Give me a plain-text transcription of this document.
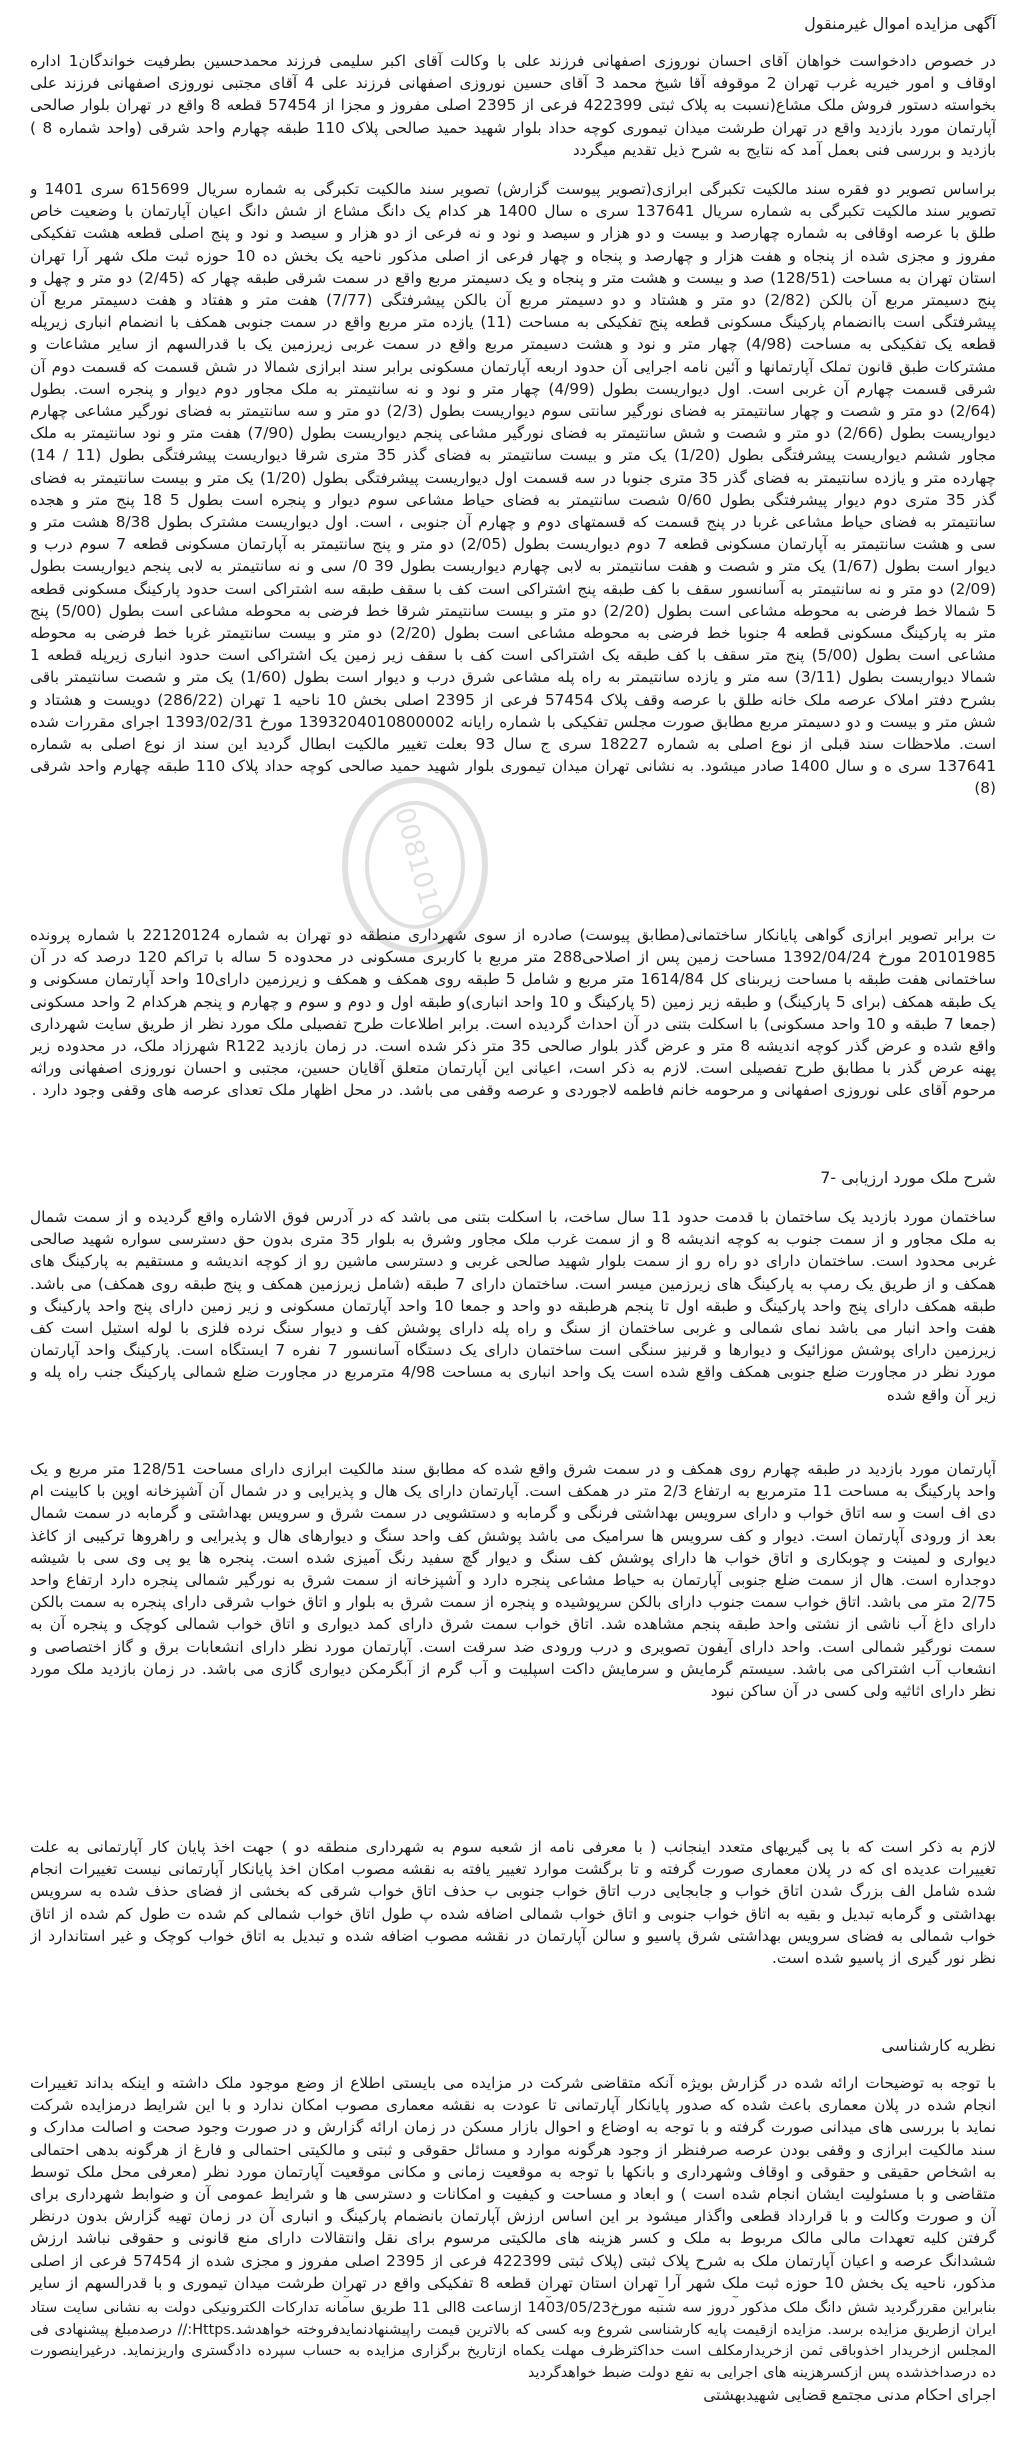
آگهی مزایده اموال غیرمنقول
در خصوص دادخواست خواهان آقای احسان نوروزی اصفهانی فرزند علی با وکالت آقای اکبر سلیمی فرزند محمدحسین بطرفیت خواندگان1 اداره اوقاف و امور خیریه غرب تهران 2 موقوفه آقا شیخ محمد 3 آقای حسین نوروزی اصفهانی فرزند علی 4 آقای مجتبی نوروزی اصفهانی فرزند علی بخواسته دستور فروش ملک مشاع(نسبت به پلاک ثبتی 422399 فرعی از 2395 اصلی مفروز و مجزا از 57454 قطعه 8 واقع در تهران بلوار صالحی
آپارتمان مورد بازدید واقع در تهران طرشت میدان تیموری کوچه حداد بلوار شهید حمید صالحی پلاک 110 طبقه چهارم واحد شرقی (واحد شماره 8 ) بازدید و بررسی فنی بعمل آمد که نتایج به شرح ذیل تقدیم میگردد
براساس تصویر دو فقره سند مالکیت تکبرگی ابرازی(تصویر پیوست گزارش) تصویر سند مالکیت تکبرگی به شماره سریال 615699 سری 1401 و تصویر سند مالکیت تکبرگی به شماره سریال 137641 سری ه سال 1400 هر کدام یک دانگ مشاع از شش دانگ اعیان آپارتمان با وضعیت خاص طلق با عرصه اوقافی به شماره چهارصد و بیست و دو هزار و سیصد و نود و نه فرعی از دو هزار و سیصد و نود و پنج اصلی قطعه هشت تفکیکی مفروز و مجزی شده از پنجاه و هفت هزار و چهارصد و پنجاه و چهار فرعی از اصلی مذکور ناحیه یک بخش ده 10 حوزه ثبت ملک شهر آرا تهران استان تهران به مساحت (128/51) صد و بیست و هشت متر و پنجاه و یک دسیمتر مربع واقع در سمت شرقی طبقه چهار که (2/45) دو متر و چهل و پنج دسیمتر مربع آن بالکن (2/82) دو متر و هشتاد و دو دسیمتر مربع آن بالکن پیشرفتگی (7/77) هفت متر و هفتاد و هفت دسیمتر مربع آن پیشرفتگی است باانضمام پارکینگ مسکونی قطعه پنج تفکیکی به مساحت (11) یازده متر مربع واقع در سمت جنوبی همکف با انضمام انباری زیرپله قطعه یک تفکیکی به مساحت (4/98) چهار متر و نود و هشت دسیمتر مربع واقع در سمت غربی زیرزمین یک با قدرالسهم از سایر مشاعات و مشترکات طبق قانون تملک آپارتمانها و آئین نامه اجرایی آن حدود اربعه آپارتمان مسکونی برابر سند ابرازی شمالا در شش قسمت که قسمت دوم آن شرقی قسمت چهارم آن غربی است. اول دیواریست بطول (4/99) چهار متر و نود و نه سانتیمتر به ملک مجاور دوم دیوار و پنجره است. بطول (2/64) دو متر و شصت و چهار سانتیمتر به فضای نورگیر سانتی سوم دیواریست بطول (2/3) دو متر و سه سانتیمتر به فضای نورگیر مشاعی چهارم دیواریست بطول (2/66) دو متر و شصت و شش سانتیمتر به فضای نورگیر مشاعی پنجم دیواریست بطول (7/90) هفت متر و نود سانتیمتر به ملک مجاور ششم دیواریست پیشرفتگی بطول (1/20) یک متر و بیست سانتیمتر به فضای گذر 35 متری شرقا دیواریست پیشرفتگی بطول (11 / 14) چهارده متر و یازده سانتیمتر به فضای گذر 35 متری جنوبا در سه قسمت اول دیواریست پیشرفتگی بطول (1/20) یک متر و بیست سانتیمتر به فضای گذر 35 متری دوم دیوار پیشرفتگی بطول 0/60 شصت سانتیمتر به فضای حیاط مشاعی سوم دیوار و پنجره است بطول 5 18 پنج متر و هجده سانتیمتر به فضای حیاط مشاعی غربا در پنج قسمت که قسمتهای دوم و چهارم آن جنوبی ، است. اول دیواریست مشترک بطول 8/38 هشت متر و سی و هشت سانتیمتر به آپارتمان مسکونی قطعه 7 دوم دیواریست بطول (2/05) دو متر و پنج سانتیمتر به آپارتمان مسکونی قطعه 7 سوم درب و دیوار است بطول (1/67) یک متر و شصت و هفت سانتیمتر به لابی چهارم دیواریست بطول 39 0/ سی و نه سانتیمتر به لابی پنجم دیواریست بطول (2/09) دو متر و نه سانتیمتر به آسانسور سقف با کف طبقه پنج اشتراکی است کف با سقف طبقه سه اشتراکی است حدود پارکینگ مسکونی قطعه 5 شمالا خط فرضی به محوطه مشاعی است بطول (2/20) دو متر و بیست سانتیمتر شرقا خط فرضی به محوطه مشاعی است بطول (5/00) پنج متر به پارکینگ مسکونی قطعه 4 جنوبا خط فرضی به محوطه مشاعی است بطول (2/20) دو متر و بیست سانتیمتر غربا خط فرضی به محوطه مشاعی است بطول (5/00) پنج متر سقف با کف طبقه یک اشتراکی است کف با سقف زیر زمین یک اشتراکی است حدود انباری زیرپله قطعه 1 شمالا دیواریست بطول (3/11) سه متر و یازده سانتیمتر به راه پله مشاعی شرق درب و دیوار است بطول (1/60) یک متر و شصت سانتیمتر باقی بشرح دفتر املاک عرصه ملک خانه طلق با عرصه وقف پلاک 57454 فرعی از 2395 اصلی بخش 10 ناحیه 1 تهران (286/22) دویست و هشتاد و شش متر و بیست و دو دسیمتر مربع مطابق صورت مجلس تفکیکی با شماره رایانه 1393204010800002 مورخ 1393/02/31 اجرای مقررات شده است. ملاحظات سند قبلی از نوع اصلی به شماره 18227 سری ج سال 93 بعلت تغییر مالکیت ابطال گردید این سند از نوع اصلی به شماره 137641 سری ه و سال 1400 صادر میشود. به نشانی تهران میدان تیموری بلوار شهید حمید صالحی کوچه حداد پلاک 110 طبقه چهارم واحد شرقی (8)
ت برابر تصویر ابرازی گواهی پایانکار ساختمانی(مطابق پیوست) صادره از سوی شهرداری منطقه دو تهران به شماره 22120124 با شماره پرونده 20101985 مورخ 1392/04/24 مساحت زمین پس از اصلاحی288 متر مربع با کاربری مسکونی در محدوده 5 ساله با تراکم 120 درصد که در آن ساختمانی هفت طبقه با مساحت زیربنای کل 1614/84 متر مربع و شامل 5 طبقه روی همکف و همکف و زیرزمین دارای10 واحد آپارتمان مسکونی و یک طبقه همکف (برای 5 پارکینگ) و طبقه زیر زمین (5 پارکینگ و 10 واحد انباری)و طبقه اول و دوم و سوم و چهارم و پنجم هرکدام 2 واحد مسکونی (جمعا 7 طبقه و 10 واحد مسکونی) با اسکلت بتنی در آن احداث گردیده است. برابر اطلاعات طرح تفصیلی ملک مورد نظر از طریق سایت شهرداری واقع شده و عرض گذر کوچه اندیشه 8 متر و عرض گذر بلوار صالحی 35 متر ذکر شده است. در زمان بازدید R122 شهرزاد ملک، در محدوده زیر پهنه عرض گذر با مطابق طرح تفصیلی است. لازم به ذکر است، اعیانی این آپارتمان متعلق آقایان حسین، مجتبی و احسان نوروزی اصفهانی وراثه مرحوم آقای علی نوروزی اصفهانی و مرحومه خانم فاطمه لاجوردی و عرصه وقفی می باشد. در محل اظهار ملک تعدای عرصه های وقفی وجود دارد .
شرح ملک مورد ارزیابی -7
ساختمان مورد بازدید یک ساختمان با قدمت حدود 11 سال ساخت، با اسکلت بتنی می باشد که در آدرس فوق الاشاره واقع گردیده و از سمت شمال به ملک مجاور و از سمت جنوب به کوچه اندیشه 8 و از سمت غرب ملک مجاور وشرق به بلوار 35 متری بدون حق دسترسی سواره شهید صالحی غربی محدود است. ساختمان دارای دو راه رو از سمت بلوار شهید صالحی غربی و دسترسی ماشین رو از کوچه اندیشه و مستقیم به پارکینگ های همکف و از طریق یک رمپ به پارکینگ های زیرزمین میسر است. ساختمان دارای 7 طبقه (شامل زیرزمین همکف و پنج طبقه روی همکف) می باشد. طبقه همکف دارای پنج واحد پارکینگ و طبقه اول تا پنجم هرطبقه دو واحد و جمعا 10 واحد آپارتمان مسکونی و زیر زمین دارای پنج واحد پارکینگ و هفت واحد انبار می باشد نمای شمالی و غربی ساختمان از سنگ و راه پله دارای پوشش کف و دیوار سنگ نرده فلزی با لوله استیل است کف زیرزمین دارای پوشش موزائیک و دیوارها و قرنیز سنگی است ساختمان دارای یک دستگاه آسانسور 7 نفره 7 ایستگاه است. پارکینگ واحد آپارتمان مورد نظر در مجاورت ضلع جنوبی همکف واقع شده است یک واحد انباری به مساحت 4/98 مترمربع در مجاورت ضلع شمالی پارکینگ جنب راه پله و زیر آن واقع شده
آپارتمان مورد بازدید در طبقه چهارم روی همکف و در سمت شرق واقع شده که مطابق سند مالکیت ابرازی دارای مساحت 128/51 متر مربع و یک واحد پارکینگ به مساحت 11 مترمربع به ارتفاع 2/3 متر در همکف است. آپارتمان دارای یک هال و پذیرایی و در شمال آن آشپزخانه اوپن با کابینت ام دی اف است و سه اتاق خواب و دارای سرویس بهداشتی فرنگی و گرمابه و دستشویی در سمت شرق و سرویس بهداشتی و گرمابه در سمت شمال بعد از ورودی آپارتمان است. دیوار و کف سرویس ها سرامیک می باشد پوشش کف واحد سنگ و دیوارهای هال و پذیرایی و راهروها ترکیبی از کاغذ دیواری و لمینت و چوبکاری و اتاق خواب ها دارای پوشش کف سنگ و دیوار گچ سفید رنگ آمیزی شده است. پنجره ها یو پی وی سی با شیشه دوجداره است. هال از سمت ضلع جنوبی آپارتمان به حیاط مشاعی پنجره دارد و آشپزخانه از سمت شرق به نورگیر شمالی پنجره دارد ارتفاع واحد 2/75 متر می باشد. اتاق خواب سمت جنوب دارای بالکن سرپوشیده و پنجره از سمت شرق به بلوار و اتاق خواب شرقی دارای پنجره به سمت بالکن دارای داغ آب ناشی از نشتی واحد طبقه پنجم مشاهده شد. اتاق خواب سمت شرق دارای کمد دیواری و اتاق خواب شمالی کوچک و پنجره آن به سمت نورگیر شمالی است. واحد دارای آیفون تصویری و درب ورودی ضد سرقت است. آپارتمان مورد نظر دارای انشعابات برق و گاز اختصاصی و انشعاب آب اشتراکی می باشد. سیستم گرمایش و سرمایش داکت اسپلیت و آب گرم از آبگرمکن دیواری گازی می باشد. در زمان بازدید ملک مورد نظر دارای اثاثیه ولی کسی در آن ساکن نبود
لازم به ذکر است که با پی گیریهای متعدد اینجانب ( با معرفی نامه از شعبه سوم به شهرداری منطقه دو ) جهت اخذ پایان کار آپارتمانی به علت تغییرات عدیده ای که در پلان معماری صورت گرفته و تا برگشت موارد تغییر یافته به نقشه مصوب امکان اخذ پایانکار آپارتمانی نیست تغییرات انجام شده شامل الف بزرگ شدن اتاق خواب و جابجایی درب اتاق خواب جنوبی ب حذف اتاق خواب شرقی که بخشی از فضای حذف شده به سرویس بهداشتی و گرمابه تبدیل و بقیه به اتاق خواب جنوبی و اتاق خواب شمالی اضافه شده پ طول اتاق خواب شمالی کم شده ت طول کم شده از اتاق خواب شمالی به فضای سرویس بهداشتی شرق پاسیو و سالن آپارتمان در نقشه مصوب اضافه شده و تبدیل به اتاق خواب کوچک و غیر استاندارد از نظر نور گیری از پاسیو شده است.
نظریه کارشناسی
با توجه به توضیحات ارائه شده در گزارش بویژه آنکه متقاضی شرکت در مزایده می بایستی اطلاع از وضع موجود ملک داشته و اینکه بداند تغییرات انجام شده در پلان معماری باعث شده که صدور پایانکار آپارتمانی تا عودت به نقشه معماری مصوب امکان ندارد و با این شرایط درمزایده شرکت نماید با بررسی های میدانی صورت گرفته و با توجه به اوضاع و احوال بازار مسکن در زمان ارائه گزارش و در صورت وجود صحت و اصالت مدارک و سند مالکیت ابرازی و وقفی بودن عرصه صرفنظر از وجود هرگونه موارد و مسائل حقوقی و ثبتی و مالکیتی احتمالی و فارغ از هرگونه بدهی احتمالی به اشخاص حقیقی و حقوقی و اوقاف وشهرداری و بانکها با توجه به موقعیت زمانی و مکانی موقعیت آپارتمان مورد نظر (معرفی محل ملک توسط متقاضی و با مسئولیت ایشان انجام شده است ) و ابعاد و مساحت و کیفیت و امکانات و دسترسی ها و شرایط عمومی آن و ضوابط شهرداری برای آن و صورت وکالت و با قرارداد قطعی واگذار میشود بر این اساس ارزش آپارتمان بانضمام پارکینگ و انباری آن در زمان تهیه گزارش بدون درنظر گرفتن کلیه تعهدات مالی مالک مربوط به ملک و کسر هزینه های مالکیتی مرسوم برای نقل وانتقالات دارای منع قانونی و حقوقی نباشد ارزش ششدانگ عرصه و اعیان آپارتمان ملک به شرح پلاک ثبتی (پلاک ثبتی 422399 فرعی از 2395 اصلی مفروز و مجزی شده از 57454 فرعی از اصلی مذکور، ناحیه یک بخش 10 حوزه ثبت ملک شهر آرا تهران استان تهران قطعه 8 تفکیکی واقع در تهران طرشت میدان تیموری و با قدرالسهم از سایر
بنابراین مقررگردید شش دانگ ملک مذکور دروز سه شنبه مورخ1403/05/23 ازساعت 8الی 11 طریق سامانه تدارکات الکترونیکی دولت به نشانی سایت ستاد ایران ازطریق مزایده برسد. مزایده ازقیمت پایه کارشناسی شروع وبه کسی که بالاترین قیمت راپیشنهادنمایدفروخته خواهدشد.Https:// درصدمبلغ پیشنهادی فی المجلس ازخریدار اخذوباقی ثمن ازخریدارمکلف است حداکثرظرف مهلت یکماه ازتاریخ برگزاری مزایده به حساب سپرده دادگستری واریزنماید. درغیراینصورت ده درصداخذشده پس ازکسرهزینه های اجرایی به نفع دولت ضبط خواهدگردید
اجرای احکام مدنی مجتمع قضایی شهیدبهشتی
0081010
